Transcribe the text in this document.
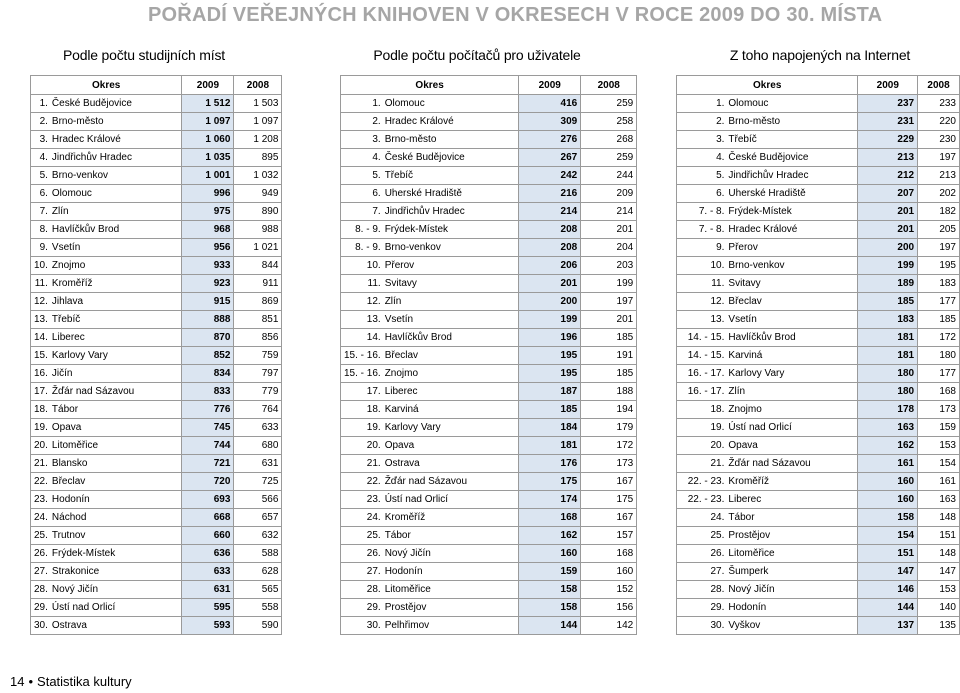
POŘADÍ VEŘEJNÝCH KNIHOVEN V OKRESECH V ROCE 2009 DO 30. MÍSTA
Podle počtu studijních míst	Podle počtu počítačů pro uživatele	Z toho napojených na Internet
Okres		2009	2008
1.	České Budějovice	1 512	1 503
2.	Brno-město	1 097	1 097
3.	Hradec Králové	1 060	1 208
4.	Jindřichův Hradec	1 035	895
5.	Brno-venkov	1 001	1 032
6.	Olomouc	996	949
7.	Zlín	975	890
8.	Havlíčkův Brod	968	988
9.	Vsetín	956	1 021
10.	Znojmo	933	844
11.	Kroměříž	923	911
12.	Jihlava	915	869
13.	Třebíč	888	851
14.	Liberec	870	856
15.	Karlovy Vary	852	759
16.	Jičín	834	797
17.	Žďár nad Sázavou	833	779
18.	Tábor	776	764
19.	Opava	745	633
20.	Litoměřice	744	680
21.	Blansko	721	631
22.	Břeclav	720	725
23.	Hodonín	693	566
24.	Náchod	668	657
25.	Trutnov	660	632
26.	Frýdek-Místek	636	588
27.	Strakonice	633	628
28.	Nový Jičín	631	565
29.	Ústí nad Orlicí	595	558
30.	Ostrava	593	590
Okres		2009	2008
1.	Olomouc	416	259
2.	Hradec Králové	309	258
3.	Brno-město	276	268
4.	České Budějovice	267	259
5.	Třebíč	242	244
6.	Uherské Hradiště	216	209
7.	Jindřichův Hradec	214	214
8. - 9.	Frýdek-Místek	208	201
8. - 9.	Brno-venkov	208	204
10.	Přerov	206	203
11.	Svitavy	201	199
12.	Zlín	200	197
13.	Vsetín	199	201
14.	Havlíčkův Brod	196	185
15. - 16.	Břeclav	195	191
15. - 16.	Znojmo	195	185
17.	Liberec	187	188
18.	Karviná	185	194
19.	Karlovy Vary	184	179
20.	Opava	181	172
21.	Ostrava	176	173
22.	Žďár nad Sázavou	175	167
23.	Ústí nad Orlicí	174	175
24.	Kroměříž	168	167
25.	Tábor	162	157
26.	Nový Jičín	160	168
27.	Hodonín	159	160
28.	Litoměřice	158	152
29.	Prostějov	158	156
30.	Pelhřimov	144	142
Okres		2009	2008
1.	Olomouc	237	233
2.	Brno-město	231	220
3.	Třebíč	229	230
4.	České Budějovice	213	197
5.	Jindřichův Hradec	212	213
6.	Uherské Hradiště	207	202
7. - 8.	Frýdek-Místek	201	182
7. - 8.	Hradec Králové	201	205
9.	Přerov	200	197
10.	Brno-venkov	199	195
11.	Svitavy	189	183
12.	Břeclav	185	177
13.	Vsetín	183	185
14. - 15.	Havlíčkův Brod	181	172
14. - 15.	Karviná	181	180
16. - 17.	Karlovy Vary	180	177
16. - 17.	Zlín	180	168
18.	Znojmo	178	173
19.	Ústí nad Orlicí	163	159
20.	Opava	162	153
21.	Žďár nad Sázavou	161	154
22. - 23.	Kroměříž	160	161
22. - 23.	Liberec	160	163
24.	Tábor	158	148
25.	Prostějov	154	151
26.	Litoměřice	151	148
27.	Šumperk	147	147
28.	Nový Jičín	146	153
29.	Hodonín	144	140
30.	Vyškov	137	135
14 • Statistika kultury
